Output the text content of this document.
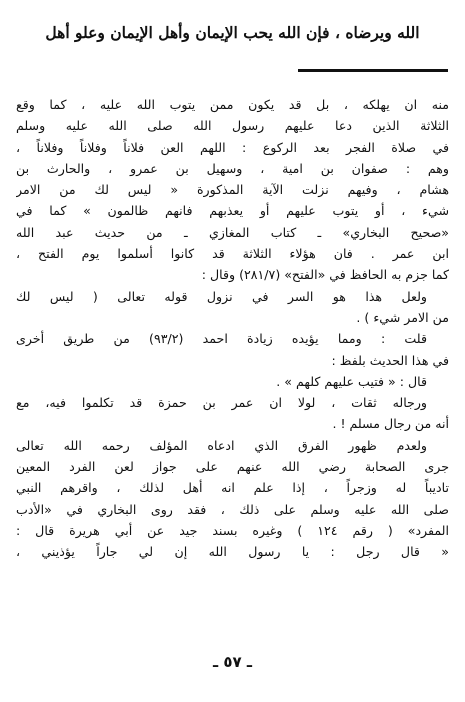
الله ويرضاه ، فإن الله يحب الإيمان وأهل الإيمان وعلو أهل
منه ان يهلكه ، بل قد يكون ممن يتوب الله عليه ، كما وقع
الثلاثة الذين دعا عليهم رسول الله صلى الله عليه وسلم
في صلاة الفجر بعد الركوع : اللهم العن فلاناً وفلاناً وفلاناً ،
وهم : صفوان بن امية ، وسهيل بن عمرو ، والحارث بن
هشام ، وفيهم نزلت الآية المذكورة « ليس لك من الامر
شيء ، أو يتوب عليهم أو يعذبهم فانهم ظالمون » كما في
«صحيح البخاري» ـ كتاب المغازي ـ من حديث عبد الله
ابن عمر . فان هؤلاء الثلاثة قد كانوا أسلموا يوم الفتح ،
كما جزم به الحافظ في «الفتح» (٢٨١/٧) وقال :
ولعل هذا هو السر في نزول قوله تعالى ( ليس لك
من الامر شيء ) .
قلت : ومما يؤيده زيادة احمد (٩٣/٢) من طريق أخرى
في هذا الحديث بلفظ :
قال : « فتيب عليهم كلهم » .
ورجاله ثقات ، لولا ان عمر بن حمزة قد تكلموا فيه، مع
أنه من رجال مسلم ! .
ولعدم ظهور الفرق الذي ادعاه المؤلف رحمه الله تعالى
جرى الصحابة رضي الله عنهم على جواز لعن الفرد المعين
تاديباً له وزجراً ، إذا علم انه أهل لذلك ، واقرهم النبي
صلى الله عليه وسلم على ذلك ، فقد روى البخاري في «الأدب
المفرد» ( رقم ١٢٤ ) وغيره بسند جيد عن أبي هريرة قال :
« قال رجل : يا رسول الله إن لي جاراً يؤذيني ،
ـ ٥٧ ـ
